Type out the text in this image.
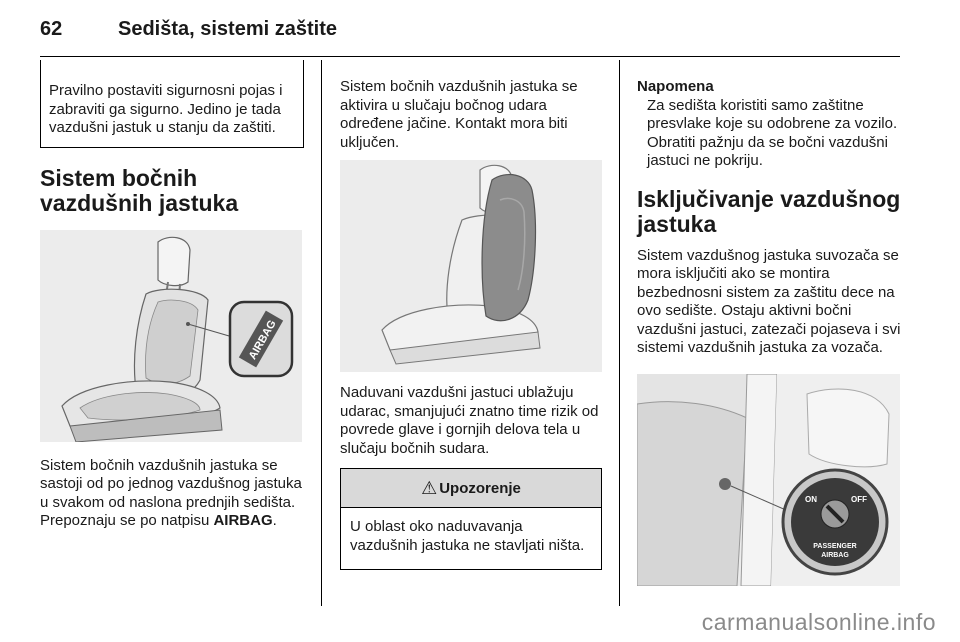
62	Sedišta, sistemi zaštite

Pravilno postaviti sigurnosni pojas i zabraviti ga sigurno. Jedino je tada vazdušni jastuk u stanju da zaštiti.

Sistem bočnih vazdušnih jastuka
AIRBAG

Sistem bočnih vazdušnih jastuka se sastoji od po jednog vazdušnog jastuka u svakom od naslona prednjih sedišta. Prepoznaju se po natpisu AIRBAG.

Sistem bočnih vazdušnih jastuka se aktivira u slučaju bočnog udara određene jačine. Kontakt mora biti uključen.

Naduvani vazdušni jastuci ublažuju udarac, smanjujući znatno time rizik od povrede glave i gornjih delova tela u slučaju bočnih sudara.

⚠ Upozorenje

U oblast oko naduvavanja vazdušnih jastuka ne stavljati ništa.

Napomena

Za sedišta koristiti samo zaštitne presvlake koje su odobrene za vozilo. Obratiti pažnju da se bočni vazdušni jastuci ne pokriju.

Isključivanje vazdušnog jastuka

Sistem vazdušnog jastuka suvozača se mora isključiti ako se montira bezbednosni sistem za zaštitu dece na ovo sedište. Ostaju aktivni bočni vazdušni jastuci, zatezači pojaseva i svi sistemi vazdušnih jastuka za vozača.

ON	OFF
PASSENGER
AIRBAG
carmanualsonline.info
